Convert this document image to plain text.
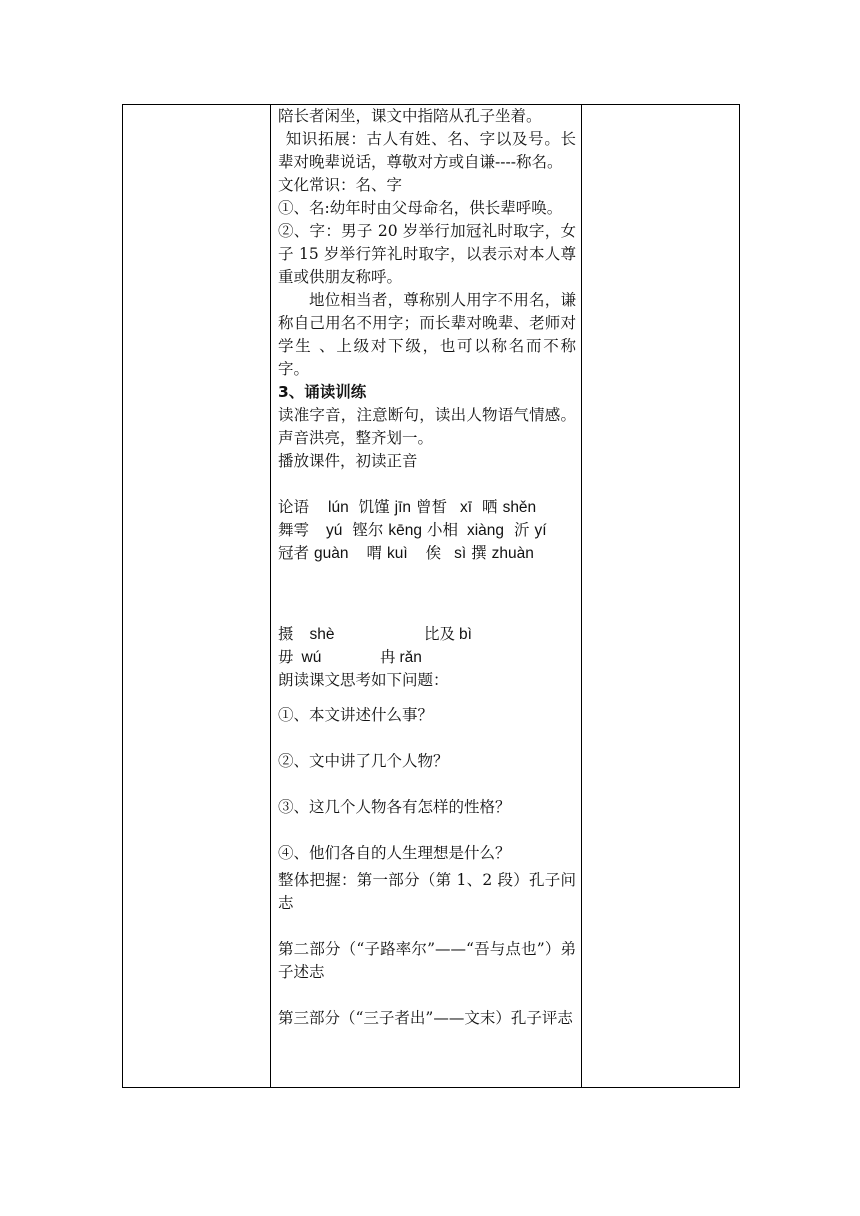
陪长者闲坐，课文中指陪从孔子坐着。

知识拓展：古人有姓、名、字以及号。长辈对晚辈说话，尊敬对方或自谦----称名。

文化常识：名、字

①、名:幼年时由父母命名，供长辈呼唤。

②、字：男子 20 岁举行加冠礼时取字，女子 15 岁举行笄礼时取字，以表示对本人尊重或供朋友称呼。

地位相当者，尊称别人用字不用名，谦称自己用名不用字；而长辈对晚辈、老师对学生 、上级对下级，也可以称名而不称字。

3、诵读训练

读准字音，注意断句，读出人物语气情感。声音洪亮，整齐划一。

播放课件，初读正音

论语 lún 饥馑 jīn 曾皙 xī 哂 shěn

舞雩 yú 铿尔 kēng 小相 xiàng 沂 yí

冠者 guàn 喟 kuì 俟 sì 撰 zhuàn

摄 shè	比及 bì

毋 wú	冉 rǎn

朗读课文思考如下问题：

①、本文讲述什么事？

②、文中讲了几个人物？

③、这几个人物各有怎样的性格？

④、他们各自的人生理想是什么？

整体把握：第一部分（第 1、2 段）孔子问志

第二部分（“子路率尔”——“吾与点也”）弟子述志

第三部分（“三子者出”——文末）孔子评志
